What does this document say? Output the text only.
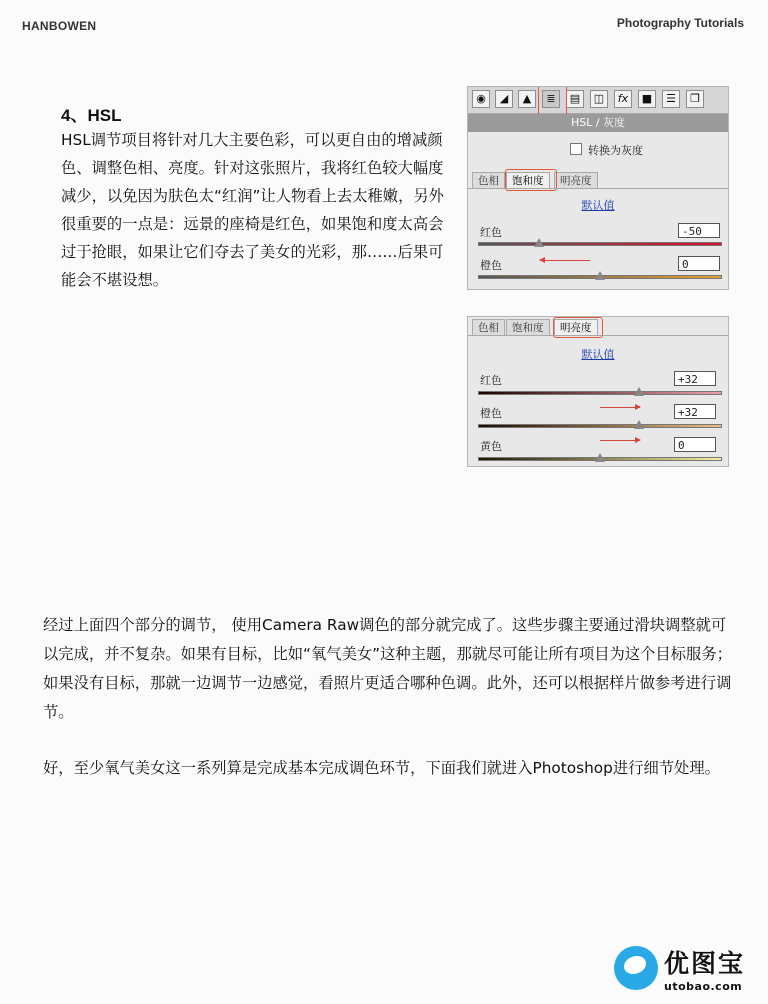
HANBOWEN	Photography Tutorials
4、HSL

HSL调节项目将针对几大主要色彩，可以更自由的增减颜色、调整色相、亮度。针对这张照片，我将红色较大幅度减少，以免因为肤色太“红润”让人物看上去太稚嫩，另外很重要的一点是：远景的座椅是红色，如果饱和度太高会过于抢眼，如果让它们夺去了美女的光彩，那……后果可能会不堪设想。

◉	◢	▲	≣	▤	◫	fx	■	☰	❐
HSL / 灰度
转换为灰度
色相	饱和度	明亮度
默认值
红色	-50
橙色	0
色相	饱和度	明亮度
默认值
红色	+32
橙色	+32
黄色	0

经过上面四个部分的调节， 使用Camera Raw调色的部分就完成了。这些步骤主要通过滑块调整就可以完成，并不复杂。如果有目标，比如“氧气美女”这种主题，那就尽可能让所有项目为这个目标服务；如果没有目标，那就一边调节一边感觉，看照片更适合哪种色调。此外，还可以根据样片做参考进行调节。

好，至少氧气美女这一系列算是完成基本完成调色环节，下面我们就进入Photoshop进行细节处理。

优图宝
utobao.com
